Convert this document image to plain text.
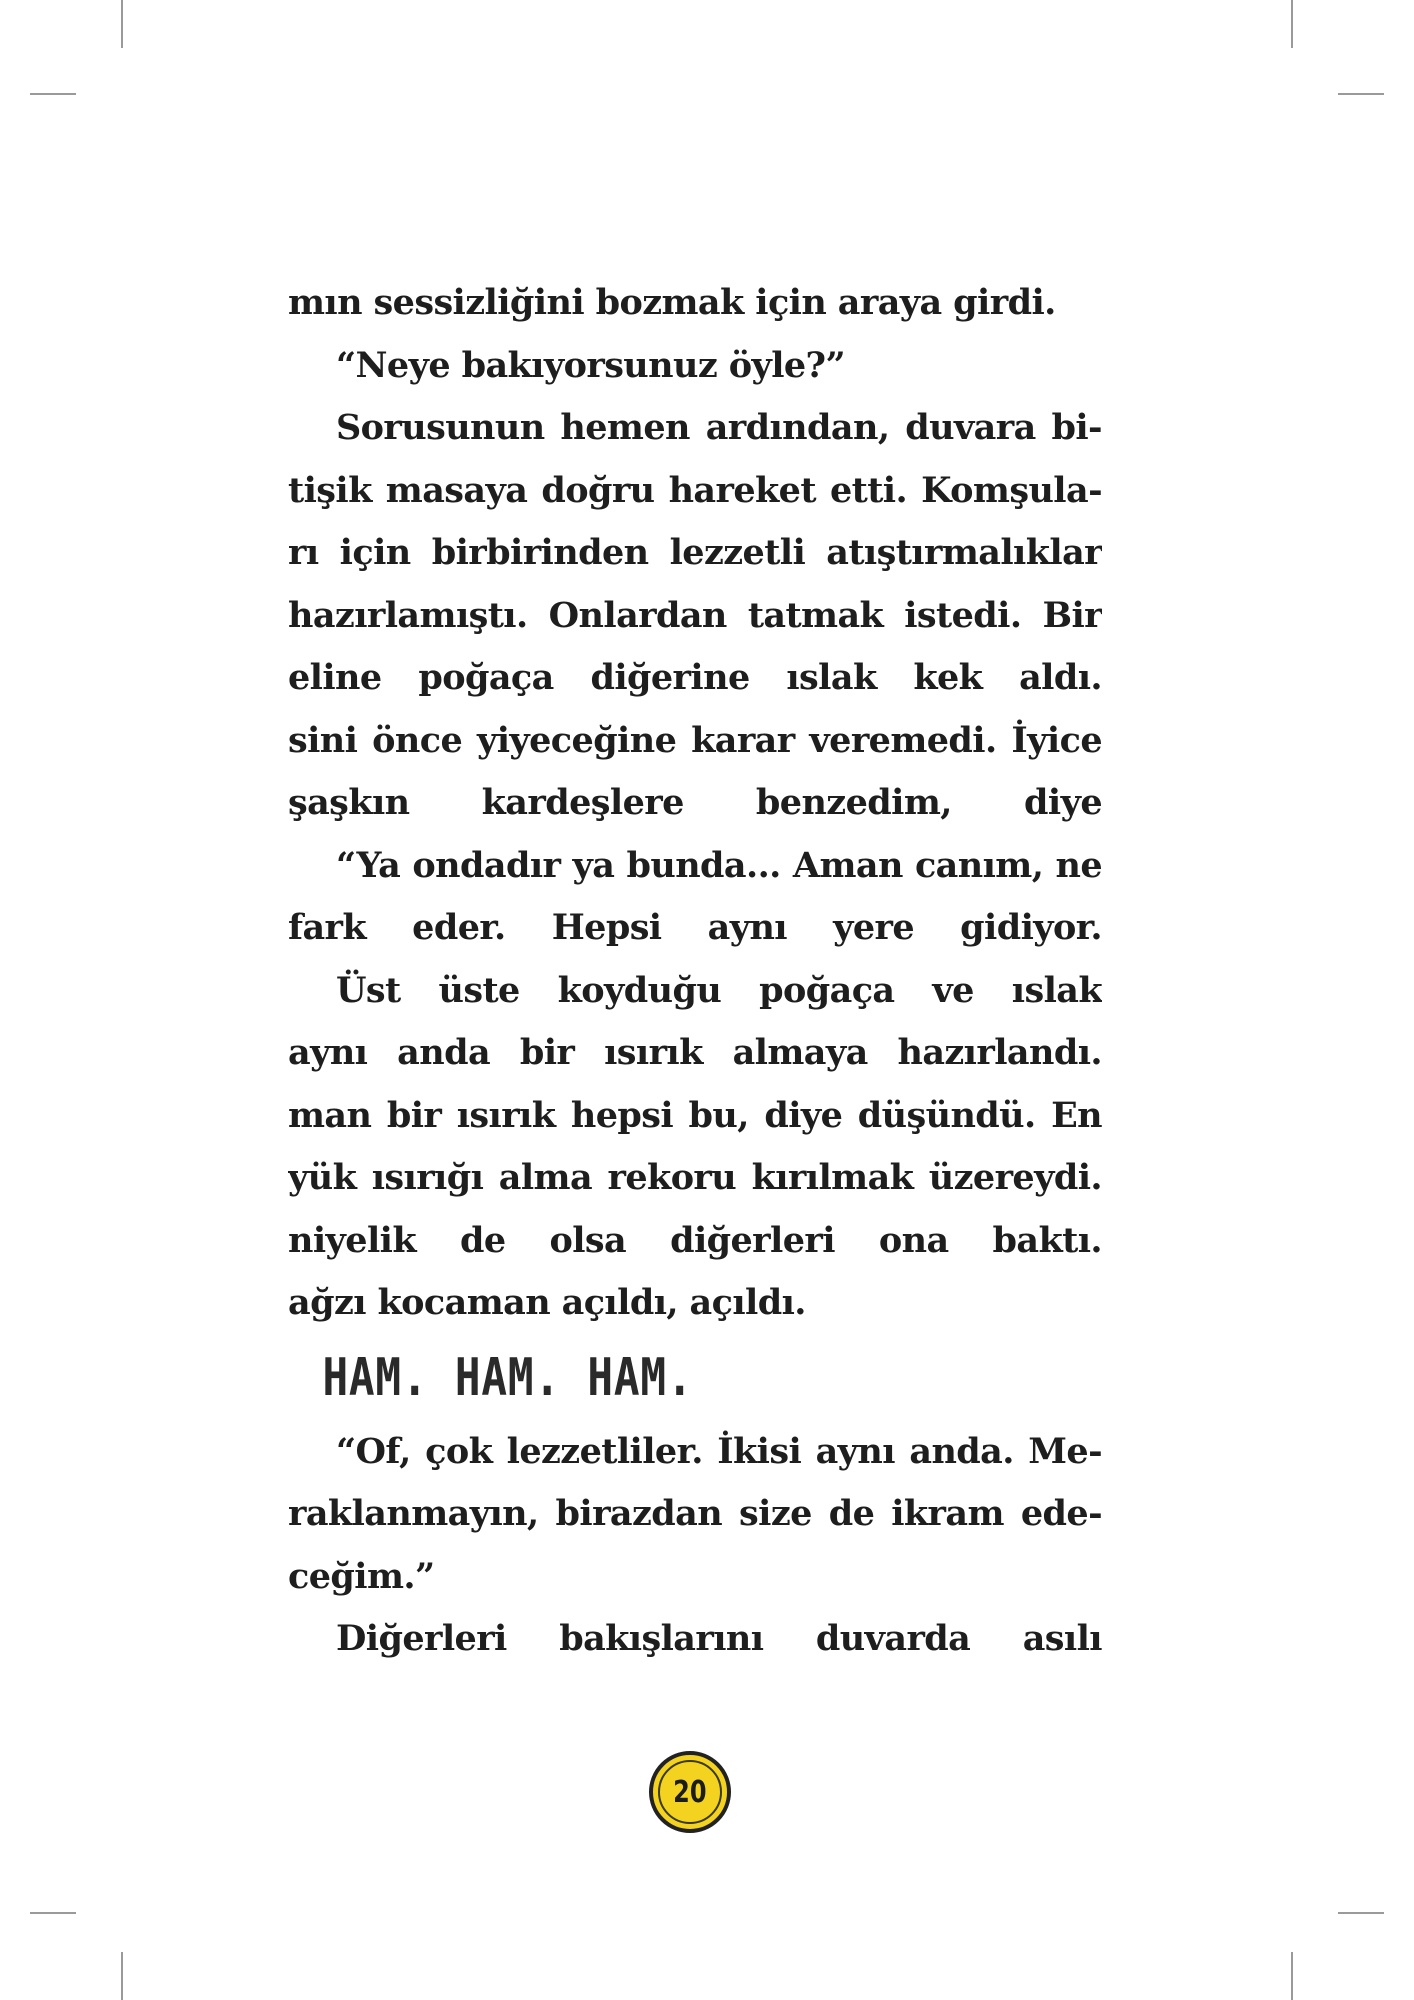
mın sessizliğini bozmak için araya girdi.
“Neye bakıyorsunuz öyle?”
Sorusunun hemen ardından, duvara bi-
tişik masaya doğru hareket etti. Komşula-
rı için birbirinden lezzetli atıştırmalıklar
hazırlamıştı. Onlardan tatmak istedi. Bir
eline poğaça diğerine ıslak kek aldı.
sini önce yiyeceğine karar veremedi. İyice
şaşkın kardeşlere benzedim, diye
“Ya ondadır ya bunda... Aman canım, ne
fark eder. Hepsi aynı yere gidiyor.
Üst üste koyduğu poğaça ve ıslak
aynı anda bir ısırık almaya hazırlandı.
man bir ısırık hepsi bu, diye düşündü. En
yük ısırığı alma rekoru kırılmak üzereydi.
niyelik de olsa diğerleri ona baktı.
ağzı kocaman açıldı, açıldı.
HAM. HAM. HAM.
“Of, çok lezzetliler. İkisi aynı anda. Me-
raklanmayın, birazdan size de ikram ede-
ceğim.”
Diğerleri bakışlarını duvarda asılı
20
